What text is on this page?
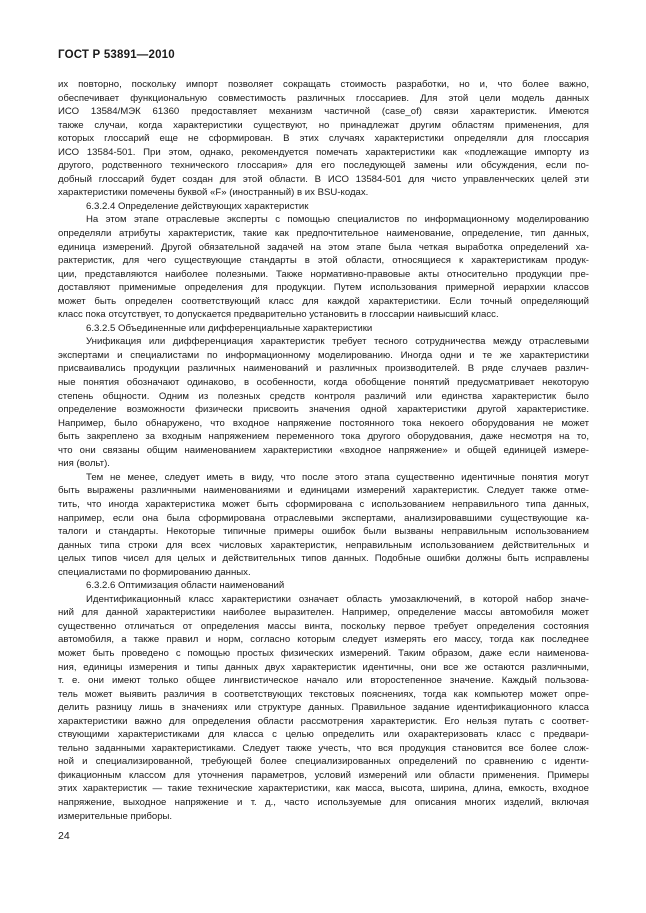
ГОСТ Р 53891—2010
их повторно, поскольку импорт позволяет сокращать стоимость разработки, но и, что более важно,
обеспечивает функциональную совместимость различных глоссариев. Для этой цели модель данных
ИСО 13584/МЭК 61360 предоставляет механизм частичной (case_of) связи характеристик. Имеются
также случаи, когда характеристики существуют, но принадлежат другим областям применения, для
которых глоссарий еще не сформирован. В этих случаях характеристики определяли для глоссария
ИСО 13584-501. При этом, однако, рекомендуется помечать характеристики как «подлежащие импорту из
другого, родственного технического глоссария» для его последующей замены или обсуждения, если по-
добный глоссарий будет создан для этой области. В ИСО 13584-501 для чисто управленческих целей эти
характеристики помечены буквой «F» (иностранный) в их BSU-кодах.
6.3.2.4 Определение действующих характеристик
На этом этапе отраслевые эксперты с помощью специалистов по информационному моделированию
определяли атрибуты характеристик, такие как предпочтительное наименование, определение, тип данных,
единица измерений. Другой обязательной задачей на этом этапе была четкая выработка определений ха-
рактеристик, для чего существующие стандарты в этой области, относящиеся к характеристикам продук-
ции, представляются наиболее полезными. Также нормативно-правовые акты относительно продукции пре-
доставляют применимые определения для продукции. Путем использования примерной иерархии классов
может быть определен соответствующий класс для каждой характеристики. Если точный определяющий
класс пока отсутствует, то допускается предварительно установить в глоссарии наивысший класс.
6.3.2.5 Объединенные или дифференциальные характеристики
Унификация или дифференциация характеристик требует тесного сотрудничества между отраслевыми
экспертами и специалистами по информационному моделированию. Иногда одни и те же характеристики
присваивались продукции различных наименований и различных производителей. В ряде случаев различ-
ные понятия обозначают одинаково, в особенности, когда обобщение понятий предусматривает некоторую
степень общности. Одним из полезных средств контроля различий или единства характеристик было
определение возможности физически присвоить значения одной характеристики другой характеристике.
Например, было обнаружено, что входное напряжение постоянного тока некоего оборудования не может
быть закреплено за входным напряжением переменного тока другого оборудования, даже несмотря на то,
что они связаны общим наименованием характеристики «входное напряжение» и общей единицей измере-
ния (вольт).
Тем не менее, следует иметь в виду, что после этого этапа существенно идентичные понятия могут
быть выражены различными наименованиями и единицами измерений характеристик. Следует также отме-
тить, что иногда характеристика может быть сформирована с использованием неправильного типа данных,
например, если она была сформирована отраслевыми экспертами, анализировавшими существующие ка-
талоги и стандарты. Некоторые типичные примеры ошибок были вызваны неправильным использованием
данных типа строки для всех числовых характеристик, неправильным использованием действительных и
целых типов чисел для целых и действительных типов данных. Подобные ошибки должны быть исправлены
специалистами по формированию данных.
6.3.2.6 Оптимизация области наименований
Идентификационный класс характеристики означает область умозаключений, в которой набор значе-
ний для данной характеристики наиболее выразителен. Например, определение массы автомобиля может
существенно отличаться от определения массы винта, поскольку первое требует определения состояния
автомобиля, а также правил и норм, согласно которым следует измерять его массу, тогда как последнее
может быть проведено с помощью простых физических измерений. Таким образом, даже если наименова-
ния, единицы измерения и типы данных двух характеристик идентичны, они все же остаются различными,
т. е. они имеют только общее лингвистическое начало или второстепенное значение. Каждый пользова-
тель может выявить различия в соответствующих текстовых пояснениях, тогда как компьютер может опре-
делить разницу лишь в значениях или структуре данных. Правильное задание идентификационного класса
характеристики важно для определения области рассмотрения характеристик. Его нельзя путать с соответ-
ствующими характеристиками для класса с целью определить или охарактеризовать класс с предвари-
тельно заданными характеристиками. Следует также учесть, что вся продукция становится все более слож-
ной и специализированной, требующей более специализированных определений по сравнению с иденти-
фикационным классом для уточнения параметров, условий измерений или области применения. Примеры
этих характеристик — такие технические характеристики, как масса, высота, ширина, длина, емкость, входное
напряжение, выходное напряжение и т. д., часто используемые для описания многих изделий, включая
измерительные приборы.
24
